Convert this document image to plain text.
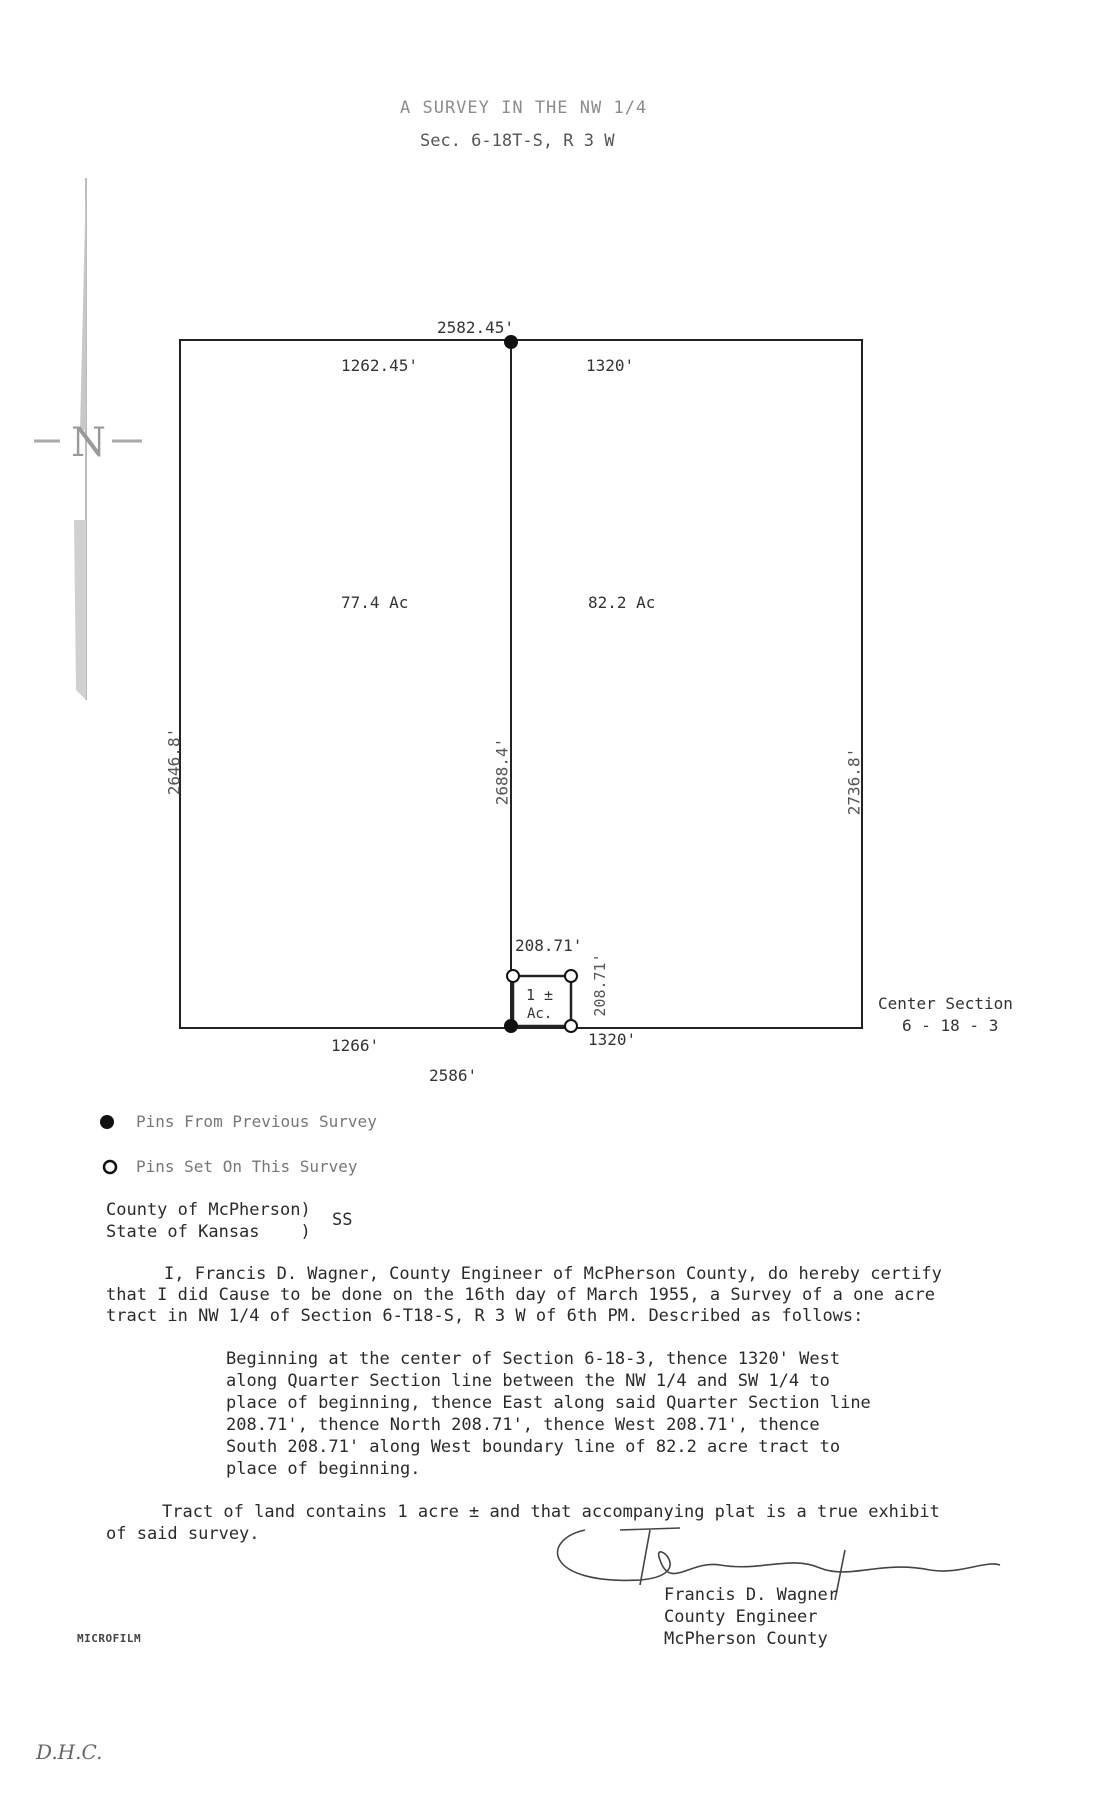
A SURVEY IN THE NW 1/4
Sec. 6-18T-S, R 3 W
N
2582.45'
1262.45'	1320'
77.4 Ac	82.2 Ac
2646.8'	2688.4'	2736.8'
208.71'
208.71'
1 ±
Ac.
1266'	1320'
2586'
Center Section
6 - 18 - 3
Pins From Previous Survey
Pins Set On This Survey
County of McPherson)
State of Kansas    )
SS
I, Francis D. Wagner, County Engineer of McPherson County, do hereby certify
that I did Cause to be done on the 16th day of March 1955, a Survey of a one acre
tract in NW 1/4 of Section 6-T18-S, R 3 W of 6th PM. Described as follows:
Beginning at the center of Section 6-18-3, thence 1320' West
along Quarter Section line between the NW 1/4 and SW 1/4 to
place of beginning, thence East along said Quarter Section line
208.71', thence North 208.71', thence West 208.71', thence
South 208.71' along West boundary line of 82.2 acre tract to
place of beginning.
Tract of land contains 1 acre ± and that accompanying plat is a true exhibit
of said survey.
Francis D. Wagner
County Engineer
McPherson County
MICROFILM
D.H.C.
